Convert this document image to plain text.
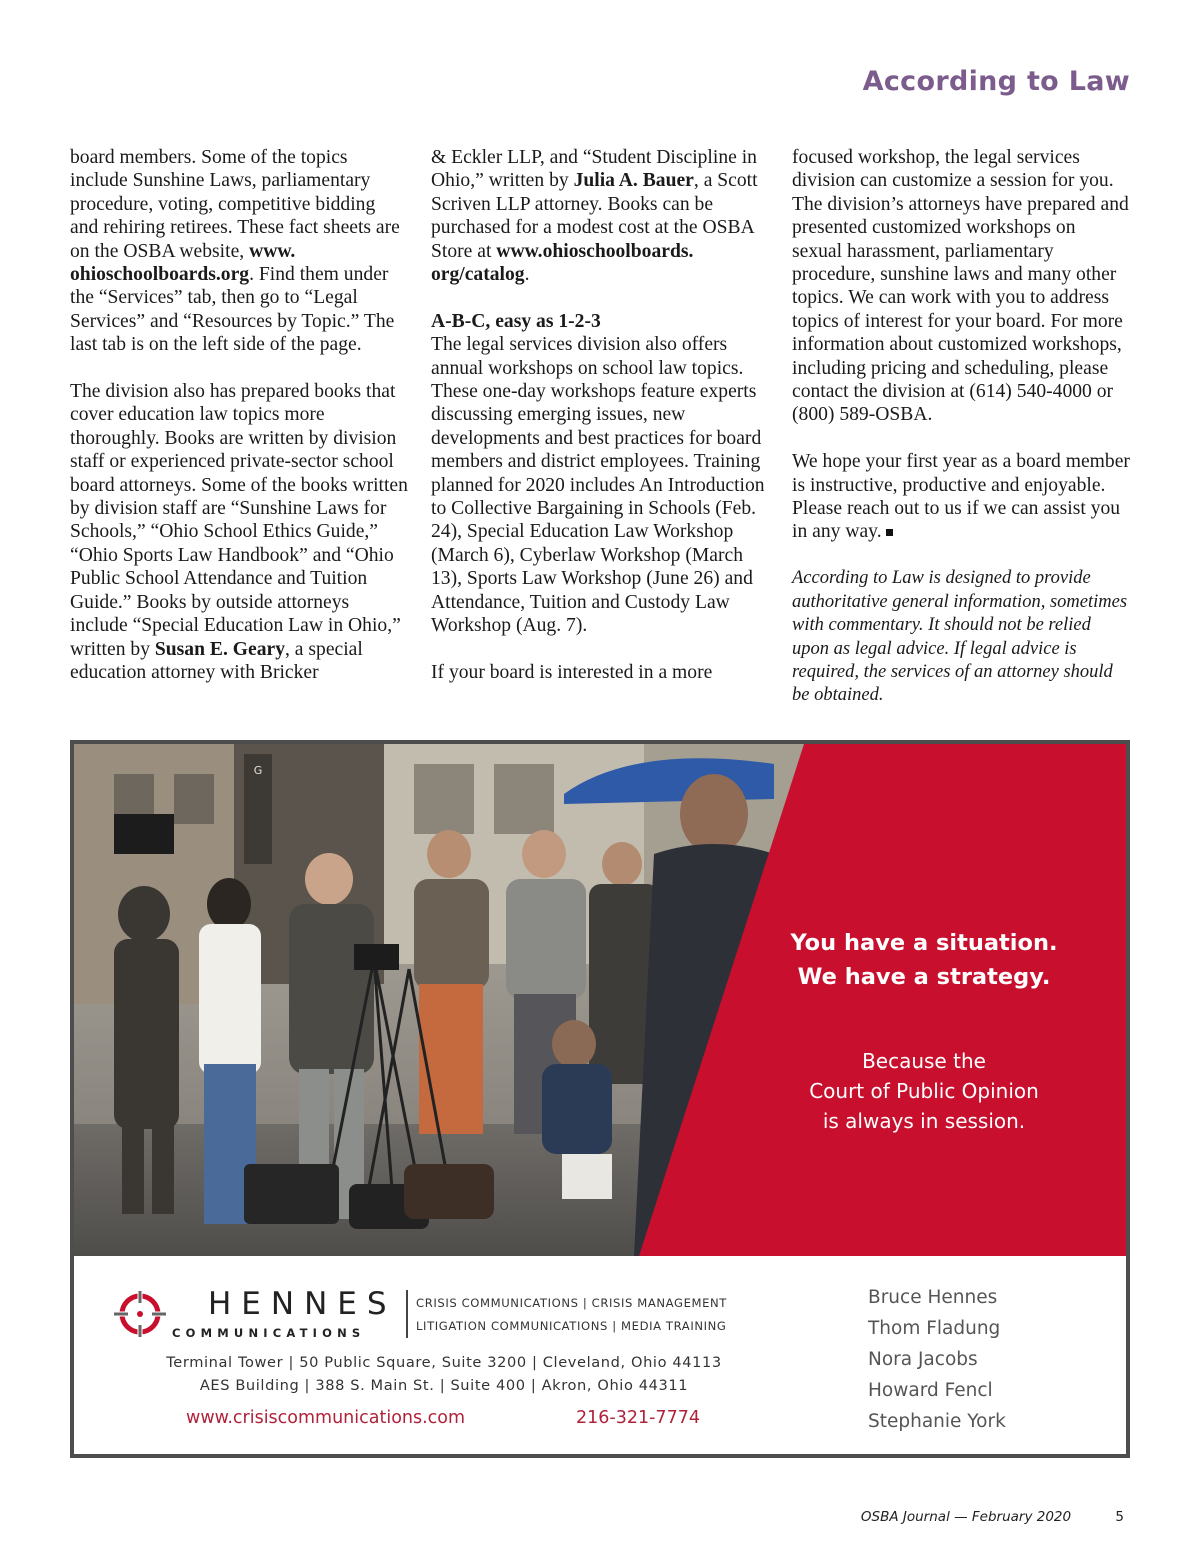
According to Law

board members. Some of the topics include Sunshine Laws, parliamentary procedure, voting, competitive bidding and rehiring retirees. These fact sheets are on the OSBA website, www. ohioschoolboards.org. Find them under the “Services” tab, then go to “Legal Services” and “Resources by Topic.” The last tab is on the left side of the page.

The division also has prepared books that cover education law topics more thoroughly. Books are written by division staff or experienced private-sector school board attorneys. Some of the books written by division staff are “Sunshine Laws for Schools,” “Ohio School Ethics Guide,” “Ohio Sports Law Handbook” and “Ohio Public School Attendance and Tuition Guide.” Books by outside attorneys include “Special Education Law in Ohio,” written by Susan E. Geary, a special education attorney with Bricker

& Eckler LLP, and “Student Discipline in Ohio,” written by Julia A. Bauer, a Scott Scriven LLP attorney. Books can be purchased for a modest cost at the OSBA Store at www.ohioschoolboards. org/catalog.

A-B-C, easy as 1-2-3

The legal services division also offers annual workshops on school law topics. These one-day workshops feature experts discussing emerging issues, new developments and best practices for board members and district employees. Training planned for 2020 includes An Introduction to Collective Bargaining in Schools (Feb. 24), Special Education Law Workshop (March 6), Cyberlaw Workshop (March 13), Sports Law Workshop (June 26) and Attendance, Tuition and Custody Law Workshop (Aug. 7).

If your board is interested in a more

focused workshop, the legal services division can customize a session for you. The division’s attorneys have prepared and presented customized workshops on sexual harassment, parliamentary procedure, sunshine laws and many other topics. We can work with you to address topics of interest for your board. For more information about customized workshops, including pricing and scheduling, please contact the division at (614) 540-4000 or (800) 589-OSBA.

We hope your first year as a board member is instructive, productive and enjoyable. Please reach out to us if we can assist you in any way.

According to Law is designed to provide authoritative general information, sometimes with commentary. It should not be relied upon as legal advice. If legal advice is required, the services of an attorney should be obtained.

G
You have a situation.
We have a strategy.
Because the
Court of Public Opinion
is always in session.
HENNES
COMMUNICATIONS
CRISIS COMMUNICATIONS | CRISIS MANAGEMENT
LITIGATION COMMUNICATIONS | MEDIA TRAINING
Terminal Tower | 50 Public Square, Suite 3200 | Cleveland, Ohio 44113
AES Building | 388 S. Main St. | Suite 400 | Akron, Ohio 44311
www.crisiscommunications.com	216-321-7774
Bruce Hennes
Thom Fladung
Nora Jacobs
Howard Fencl
Stephanie York
OSBA Journal — February 2020	5
